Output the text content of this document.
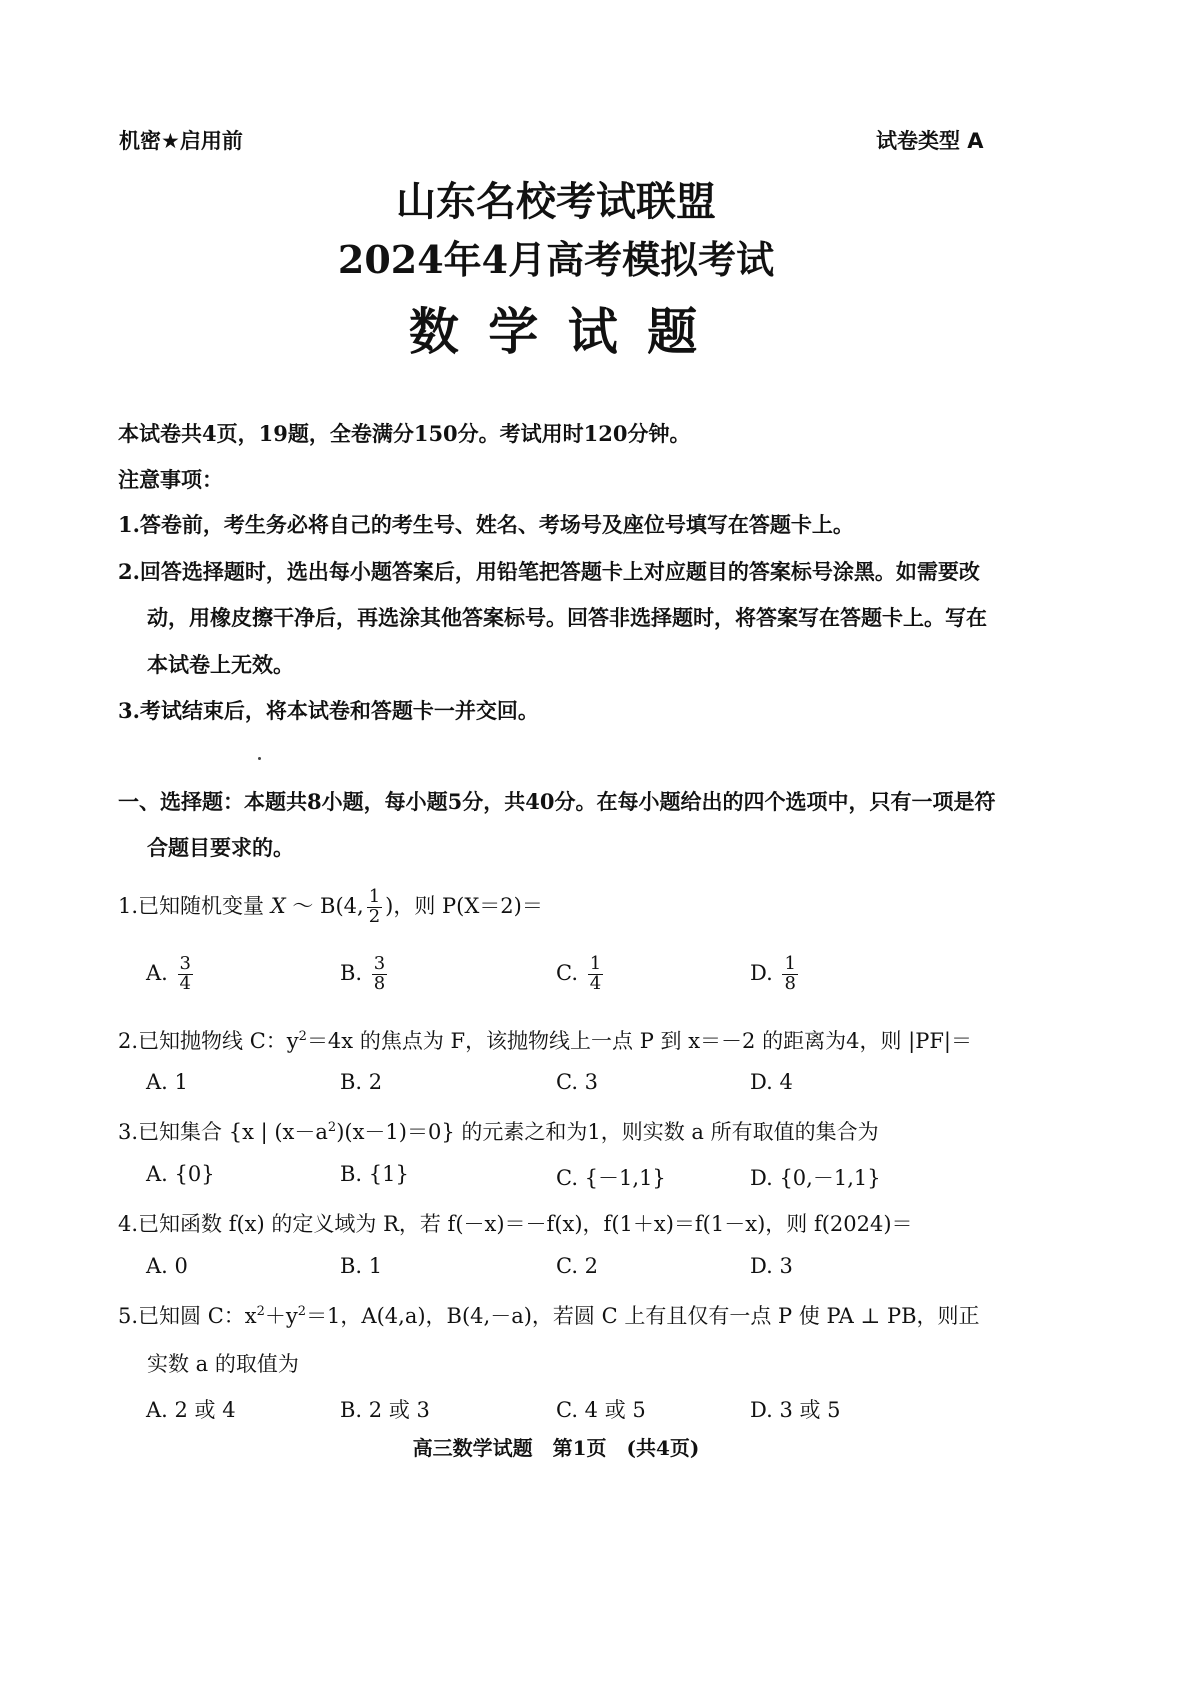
机密★启用前	试卷类型 A
山东名校考试联盟
2024年4月高考模拟考试
数 学 试 题
本试卷共4页，19题，全卷满分150分。考试用时120分钟。
注意事项：
1.答卷前，考生务必将自己的考生号、姓名、考场号及座位号填写在答题卡上。
2.回答选择题时，选出每小题答案后，用铅笔把答题卡上对应题目的答案标号涂黑。如需要改
动，用橡皮擦干净后，再选涂其他答案标号。回答非选择题时，将答案写在答题卡上。写在
本试卷上无效。
3.考试结束后，将本试卷和答题卡一并交回。
一、选择题：本题共8小题，每小题5分，共40分。在每小题给出的四个选项中，只有一项是符
合题目要求的。
1.已知随机变量 X ～ B(4, $\frac{1}{2}$ )，则 P(X＝2)＝
A. $\frac{3}{4}$	B. $\frac{3}{8}$	C. $\frac{1}{4}$	D. $\frac{1}{8}$
2.已知抛物线 C：$y^2=4x$ 的焦点为 F，该抛物线上一点 P 到 x＝－2 的距离为4，则 |PF|＝
A. 1	B. 2	C. 3	D. 4
3.已知集合 {x | $(x-a^2)(x-1)=0$} 的元素之和为1，则实数 a 所有取值的集合为
A. {0}	B. {1}	C. {－1,1}	D. {0,－1,1}
4.已知函数 f(x) 的定义域为 R，若 f(－x)＝－f(x)，f(1＋x)＝f(1－x)，则 f(2024)＝
A. 0	B. 1	C. 2	D. 3
5.已知圆 C：$x^2+y^2=1$，A(4,a)，B(4,－a)，若圆 C 上有且仅有一点 P 使 PA ⊥ PB，则正
实数 a 的取值为
A. 2 或 4	B. 2 或 3	C. 4 或 5	D. 3 或 5
高三数学试题　第1页　(共4页)
